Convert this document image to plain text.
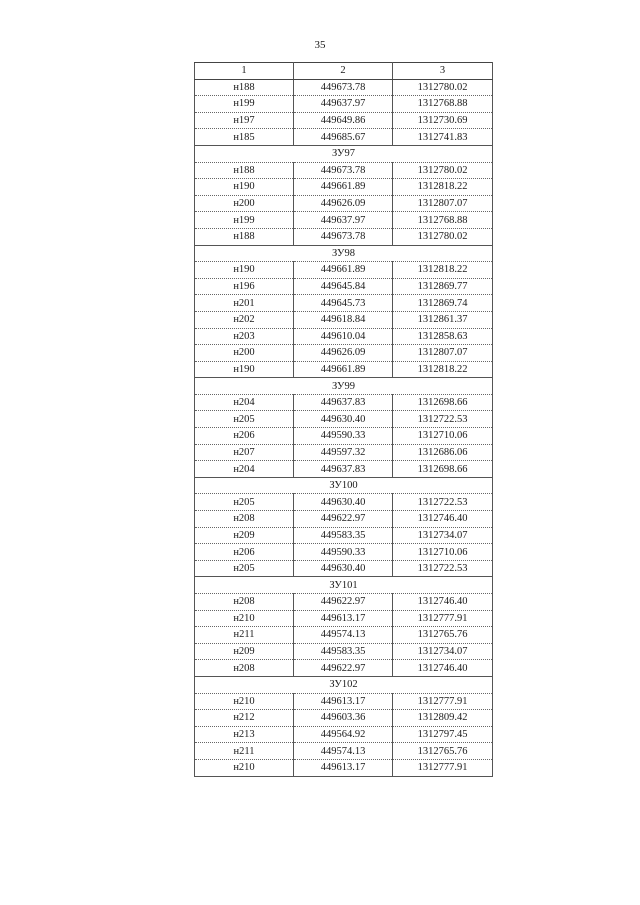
35
1	2	3
н188	449673.78	1312780.02
н199	449637.97	1312768.88
н197	449649.86	1312730.69
н185	449685.67	1312741.83
ЗУ97		
н188	449673.78	1312780.02
н190	449661.89	1312818.22
н200	449626.09	1312807.07
н199	449637.97	1312768.88
н188	449673.78	1312780.02
ЗУ98		
н190	449661.89	1312818.22
н196	449645.84	1312869.77
н201	449645.73	1312869.74
н202	449618.84	1312861.37
н203	449610.04	1312858.63
н200	449626.09	1312807.07
н190	449661.89	1312818.22
ЗУ99		
н204	449637.83	1312698.66
н205	449630.40	1312722.53
н206	449590.33	1312710.06
н207	449597.32	1312686.06
н204	449637.83	1312698.66
ЗУ100		
н205	449630.40	1312722.53
н208	449622.97	1312746.40
н209	449583.35	1312734.07
н206	449590.33	1312710.06
н205	449630.40	1312722.53
ЗУ101		
н208	449622.97	1312746.40
н210	449613.17	1312777.91
н211	449574.13	1312765.76
н209	449583.35	1312734.07
н208	449622.97	1312746.40
ЗУ102		
н210	449613.17	1312777.91
н212	449603.36	1312809.42
н213	449564.92	1312797.45
н211	449574.13	1312765.76
н210	449613.17	1312777.91
